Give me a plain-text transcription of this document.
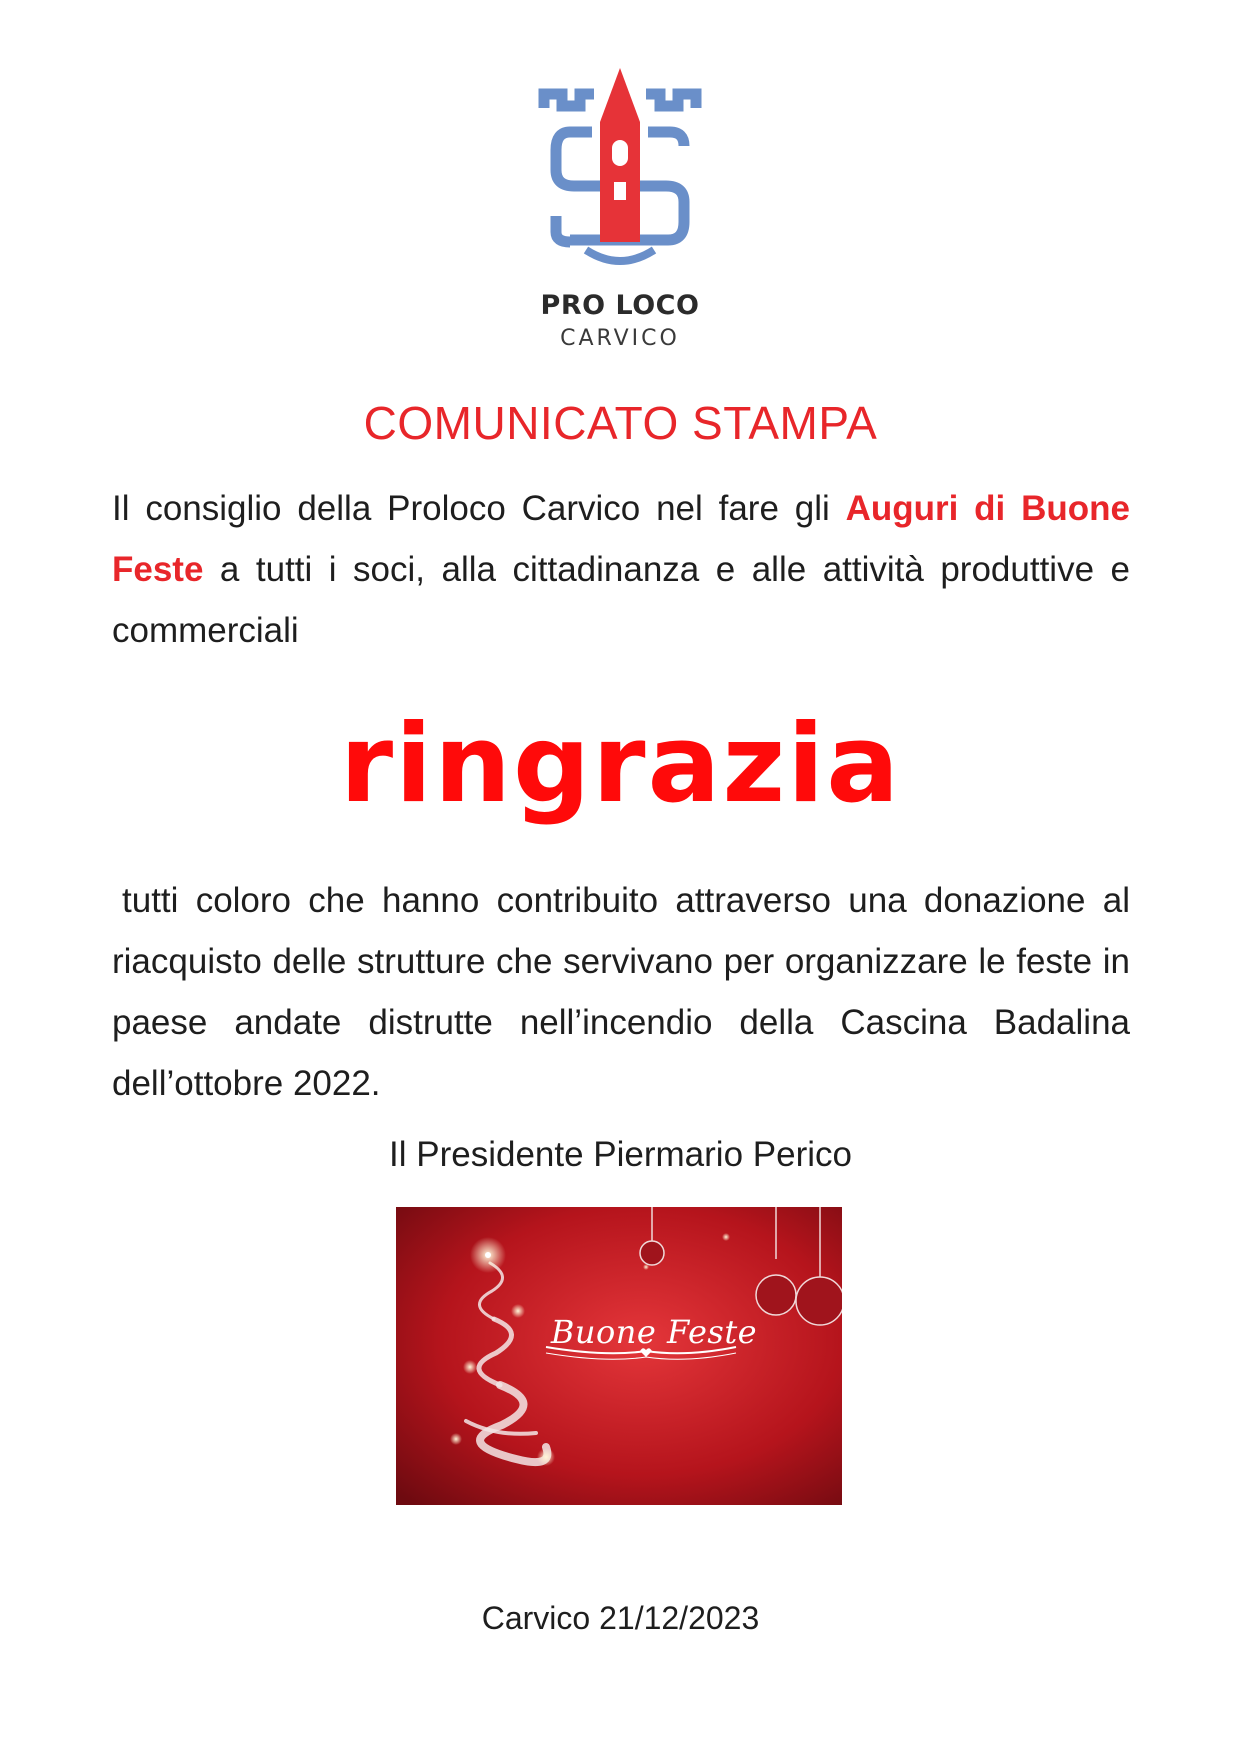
PRO LOCO
CARVICO
COMUNICATO STAMPA
Il consiglio della Proloco Carvico nel fare gli Auguri di Buone Feste a tutti i soci, alla cittadinanza e alle attività produttive e commerciali
ringrazia
tutti coloro che hanno contribuito attraverso una donazione al riacquisto delle strutture che servivano per organizzare le feste in paese andate distrutte nell’incendio della Cascina Badalina dell’ottobre 2022.
Il Presidente Piermario Perico
Buone Feste
Carvico 21/12/2023
